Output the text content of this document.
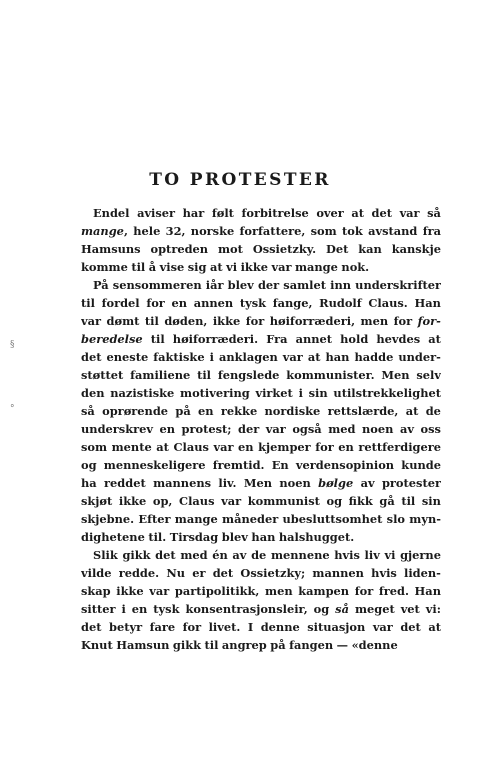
§
°
TO PROTESTER
Endel aviser har følt forbitrelse over at det var så
mange, hele 32, norske forfattere, som tok avstand fra
Hamsuns optreden mot Ossietzky. Det kan kanskje
komme til å vise sig at vi ikke var mange nok.
På sensommeren iår blev der samlet inn underskrifter
til fordel for en annen tysk fange, Rudolf Claus. Han
var dømt til døden, ikke for høiforræderi, men for for-
beredelse til høiforræderi. Fra annet hold hevdes at
det eneste faktiske i anklagen var at han hadde under-
støttet familiene til fengslede kommunister. Men selv
den nazistiske motivering virket i sin utilstrekkelighet
så oprørende på en rekke nordiske rettslærde, at de
underskrev en protest; der var også med noen av oss
som mente at Claus var en kjemper for en rettferdigere
og menneskeligere fremtid. En verdensopinion kunde
ha reddet mannens liv. Men noen bølge av protester
skjøt ikke op, Claus var kommunist og fikk gå til sin
skjebne. Efter mange måneder ubesluttsomhet slo myn-
dighetene til. Tirsdag blev han halshugget.
Slik gikk det med én av de mennene hvis liv vi gjerne
vilde redde. Nu er det Ossietzky; mannen hvis liden-
skap ikke var partipolitikk, men kampen for fred. Han
sitter i en tysk konsentrasjonsleir, og så meget vet vi:
det betyr fare for livet. I denne situasjon var det at
Knut Hamsun gikk til angrep på fangen — «denne
